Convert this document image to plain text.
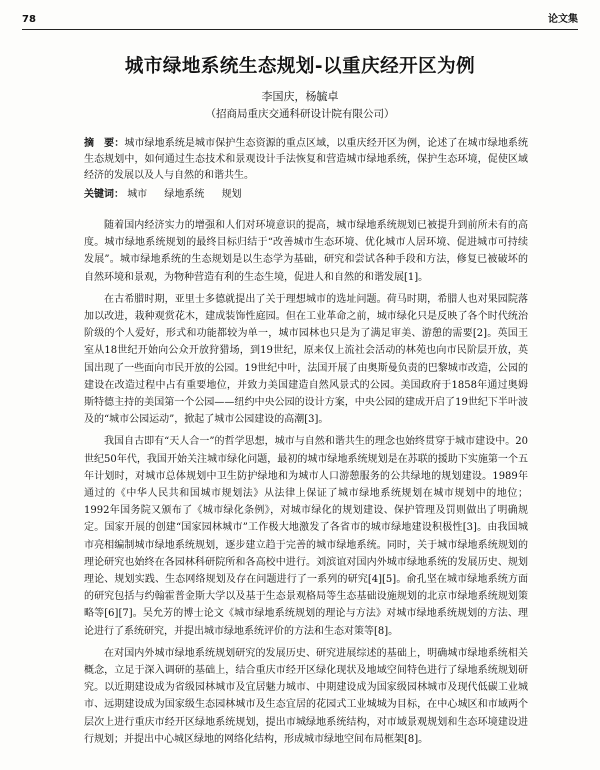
78	论文集
城市绿地系统生态规划-以重庆经开区为例
李国庆，杨毓卓
（招商局重庆交通科研设计院有限公司）
摘　要：城市绿地系统是城市保护生态资源的重点区域，以重庆经开区为例，论述了在城市绿地系统生态规划中，如何通过生态技术和景观设计手法恢复和营造城市绿地系统，保护生态环境，促使区域经济的发展以及人与自然的和谐共生。
关键词： 城市 绿地系统 规划

随着国内经济实力的增强和人们对环境意识的提高，城市绿地系统规划已被提升到前所未有的高度。城市绿地系统规划的最终目标归结于“改善城市生态环境、优化城市人居环境、促进城市可持续发展”。城市绿地系统的生态规划是以生态学为基础，研究和尝试各种手段和方法，修复已被破坏的自然环境和景观，为物种营造有利的生态生境，促进人和自然的和谐发展[1]。

在古希腊时期，亚里士多德就提出了关于理想城市的选址问题。荷马时期，希腊人也对果园院落加以改进，栽种观赏花木，建成装饰性庭园。但在工业革命之前，城市绿化只是反映了各个时代统治阶级的个人爱好，形式和功能都较为单一，城市园林也只是为了满足审美、游憩的需要[2]。英国王室从18世纪开始向公众开放狩猎场，到19世纪，原来仅上流社会活动的林苑也向市民阶层开放，英国出现了一些面向市民开放的公园。19世纪中叶，法国开展了由奥斯曼负责的巴黎城市改造，公园的建设在改造过程中占有重要地位，并致力美国建造自然风景式的公园。美国政府于1858年通过奥姆斯特德主持的美国第一个公园——纽约中央公园的设计方案，中央公园的建成开启了19世纪下半叶波及的“城市公园运动”，掀起了城市公园建设的高潮[3]。

我国自古即有“天人合一”的哲学思想，城市与自然和谐共生的理念也始终贯穿于城市建设中。20世纪50年代，我国开始关注城市绿化问题，最初的城市绿地系统规划是在苏联的援助下实施第一个五年计划时，对城市总体规划中卫生防护绿地和为城市人口游憩服务的公共绿地的规划建设。1989年通过的《中华人民共和国城市规划法》从法律上保证了城市绿地系统规划在城市规划中的地位；1992年国务院又颁布了《城市绿化条例》，对城市绿化的规划建设、保护管理及罚则做出了明确规定。国家开展的创建“国家园林城市”工作极大地激发了各省市的城市绿地建设积极性[3]。由我国城市亮相编制城市绿地系统规划，逐步建立趋于完善的城市绿地系统。同时，关于城市绿地系统规划的理论研究也始终在各园林科研院所和各高校中进行。刘滨谊对国内外城市绿地系统的发展历史、规划理论、规划实践、生态网络规划及存在问题进行了一系列的研究[4][5]。俞孔坚在城市绿地系统方面的研究包括与约翰霍普金斯大学以及基于生态景观格局等生态基础设施规划的北京市绿地系统规划策略等[6][7]。吴允芳的博士论文《城市绿地系统规划的理论与方法》对城市绿地系统规划的方法、理论进行了系统研究，并提出城市绿地系统评价的方法和生态对策等[8]。

在对国内外城市绿地系统规划研究的发展历史、研究进展综述的基础上，明确城市绿地系统相关概念，立足于深入调研的基础上，结合重庆市经开区绿化现状及地域空间特色进行了绿地系统规划研究。以近期建设成为省级园林城市及宜居魅力城市、中期建设成为国家级园林城市及现代低碳工业城市、远期建设成为国家级生态园林城市及生态宜居的花园式工业城城为目标，在中心城区和市域两个层次上进行重庆市经开区绿地系统规划，提出市城绿地系统结构，对市域景观规划和生态环境建设进行规划；并提出中心城区绿地的网络化结构，形成城市绿地空间布局框架[8]。
